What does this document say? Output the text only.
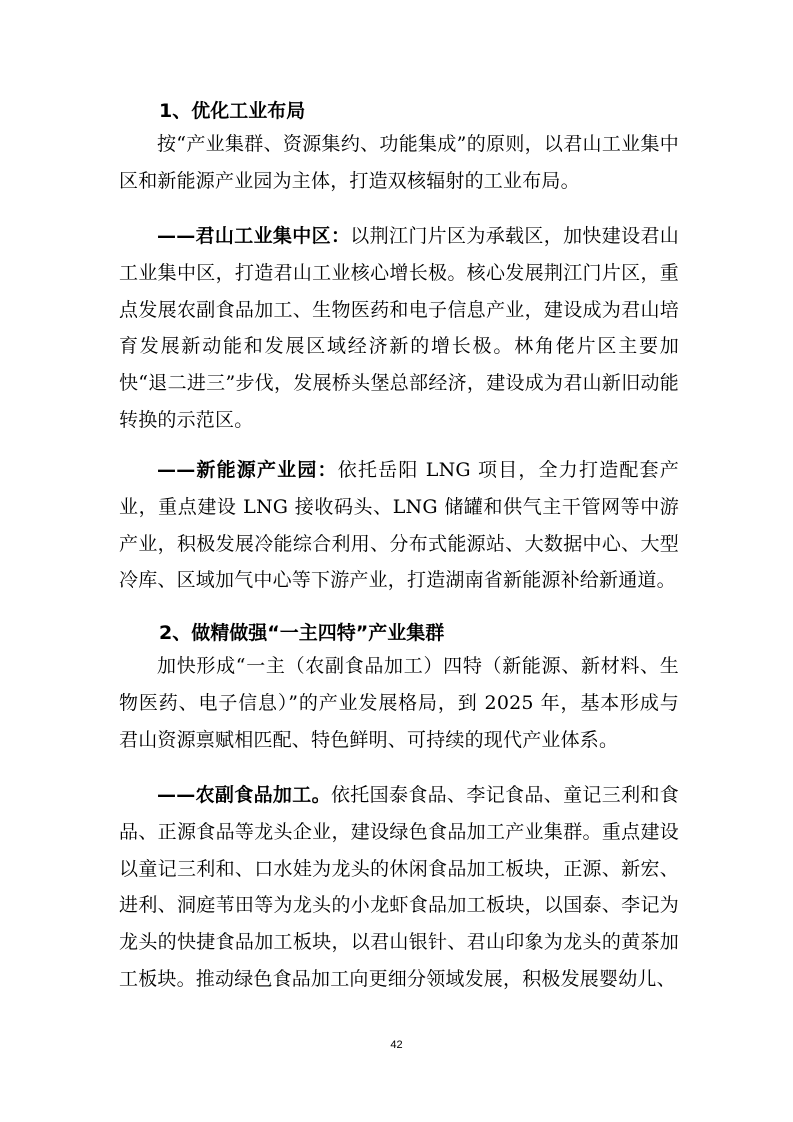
1、优化工业布局

按“产业集群、资源集约、功能集成”的原则，以君山工业集中区和新能源产业园为主体，打造双核辐射的工业布局。

——君山工业集中区：以荆江门片区为承载区，加快建设君山工业集中区，打造君山工业核心增长极。核心发展荆江门片区，重点发展农副食品加工、生物医药和电子信息产业，建设成为君山培育发展新动能和发展区域经济新的增长极。林角佬片区主要加快“退二进三”步伐，发展桥头堡总部经济，建设成为君山新旧动能转换的示范区。

——新能源产业园：依托岳阳 LNG 项目，全力打造配套产业，重点建设 LNG 接收码头、LNG 储罐和供气主干管网等中游产业，积极发展冷能综合利用、分布式能源站、大数据中心、大型冷库、区域加气中心等下游产业，打造湖南省新能源补给新通道。

2、做精做强“一主四特”产业集群

加快形成“一主（农副食品加工）四特（新能源、新材料、生物医药、电子信息）”的产业发展格局，到 2025 年，基本形成与君山资源禀赋相匹配、特色鲜明、可持续的现代产业体系。

——农副食品加工。依托国泰食品、李记食品、童记三利和食品、正源食品等龙头企业，建设绿色食品加工产业集群。重点建设以童记三利和、口水娃为龙头的休闲食品加工板块，正源、新宏、进利、洞庭苇田等为龙头的小龙虾食品加工板块，以国泰、李记为龙头的快捷食品加工板块，以君山银针、君山印象为龙头的黄茶加工板块。推动绿色食品加工向更细分领域发展，积极发展婴幼儿、

42
